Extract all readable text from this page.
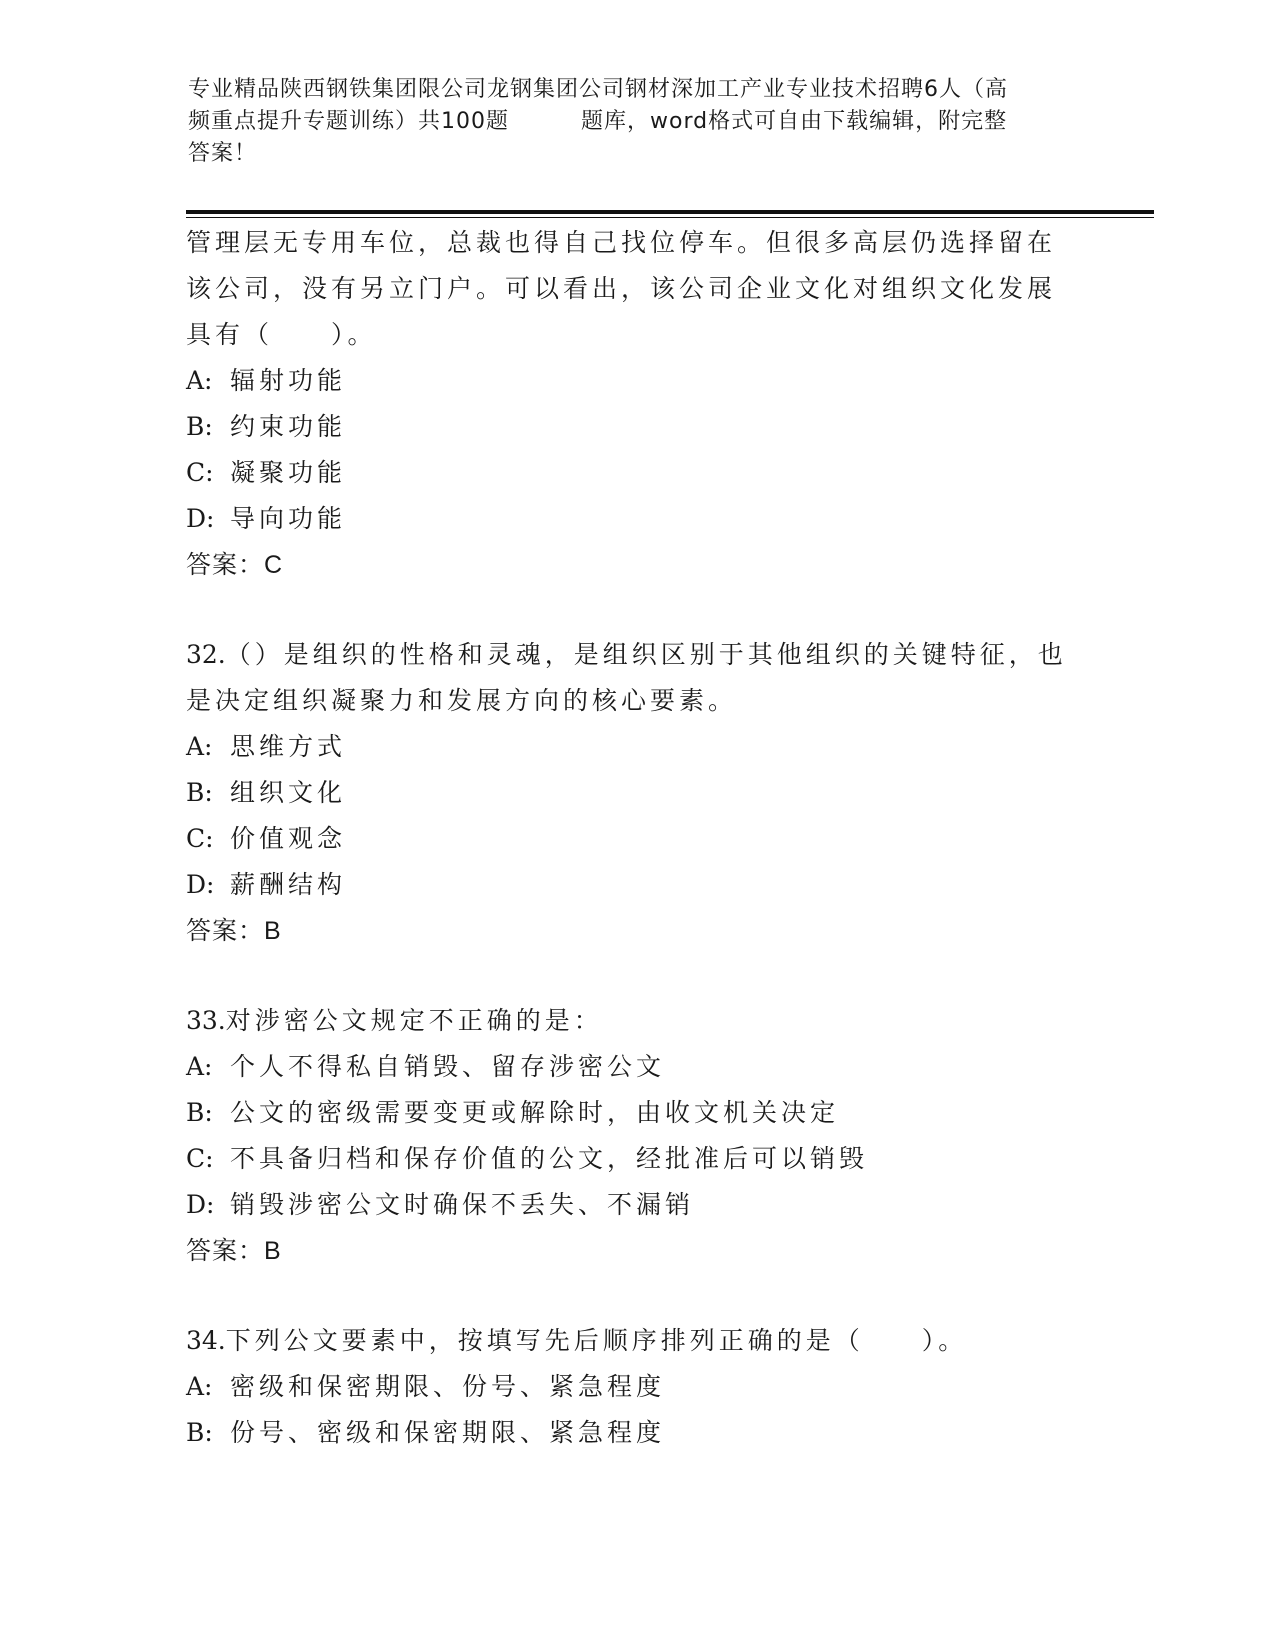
专业精品陕西钢铁集团限公司龙钢集团公司钢材深加工产业专业技术招聘6人（高
频重点提升专题训练）共100题	题库，word格式可自由下载编辑，附完整
答案！
管理层无专用车位，总裁也得自己找位停车。但很多高层仍选择留在
该公司，没有另立门户。可以看出，该公司企业文化对组织文化发展
具有（　　）。
A: 辐射功能
B: 约束功能
C: 凝聚功能
D: 导向功能
答案：C
32.（）是组织的性格和灵魂，是组织区别于其他组织的关键特征，也
是决定组织凝聚力和发展方向的核心要素。
A: 思维方式
B: 组织文化
C: 价值观念
D: 薪酬结构
答案：B
33.对涉密公文规定不正确的是：
A: 个人不得私自销毁、留存涉密公文
B: 公文的密级需要变更或解除时，由收文机关决定
C: 不具备归档和保存价值的公文，经批准后可以销毁
D: 销毁涉密公文时确保不丢失、不漏销
答案：B
34.下列公文要素中，按填写先后顺序排列正确的是（　　）。
A: 密级和保密期限、份号、紧急程度
B: 份号、密级和保密期限、紧急程度
